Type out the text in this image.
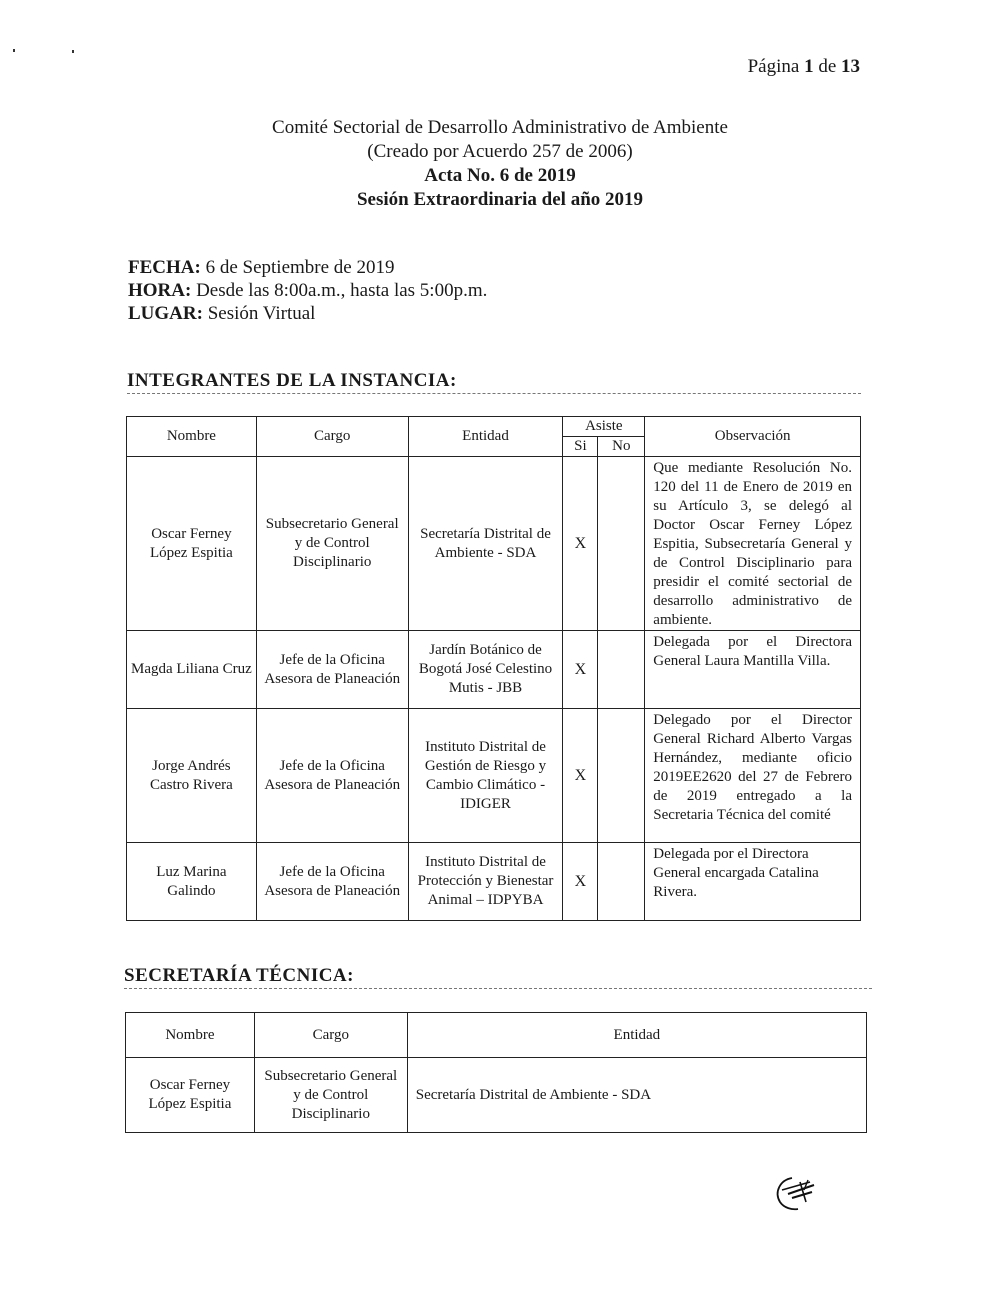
Página 1 de 13
Comité Sectorial de Desarrollo Administrativo de Ambiente
(Creado por Acuerdo 257 de 2006)
Acta No. 6 de 2019
Sesión Extraordinaria del año 2019
FECHA: 6 de Septiembre de 2019
HORA: Desde las 8:00a.m., hasta las 5:00p.m.
LUGAR: Sesión Virtual
INTEGRANTES DE LA INSTANCIA:
Nombre	Cargo	Entidad	Asiste		Observación
			Si	No	
Oscar Ferney López Espitia	Subsecretario General y de Control Disciplinario	Secretaría Distrital de Ambiente - SDA	X		Que mediante Resolución No. 120 del 11 de Enero de 2019 en su Artículo 3, se delegó al Doctor Oscar Ferney López Espitia, Subsecretaría General y de Control Disciplinario para presidir el comité sectorial de desarrollo administrativo de ambiente.
Magda Liliana Cruz	Jefe de la Oficina Asesora de Planeación	Jardín Botánico de Bogotá José Celestino Mutis - JBB	X		Delegada por el Directora General Laura Mantilla Villa.
Jorge Andrés Castro Rivera	Jefe de la Oficina Asesora de Planeación	Instituto Distrital de Gestión de Riesgo y Cambio Climático - IDIGER	X		Delegado por el Director General Richard Alberto Vargas Hernández, mediante oficio 2019EE2620 del 27 de Febrero de 2019 entregado a la Secretaria Técnica del comité
Luz Marina Galindo	Jefe de la Oficina Asesora de Planeación	Instituto Distrital de Protección y Bienestar Animal – IDPYBA	X		Delegada por el Directora General encargada Catalina Rivera.
SECRETARÍA TÉCNICA:
Nombre	Cargo	Entidad
Oscar Ferney López Espitia	Subsecretario General y de Control Disciplinario	Secretaría Distrital de Ambiente - SDA
